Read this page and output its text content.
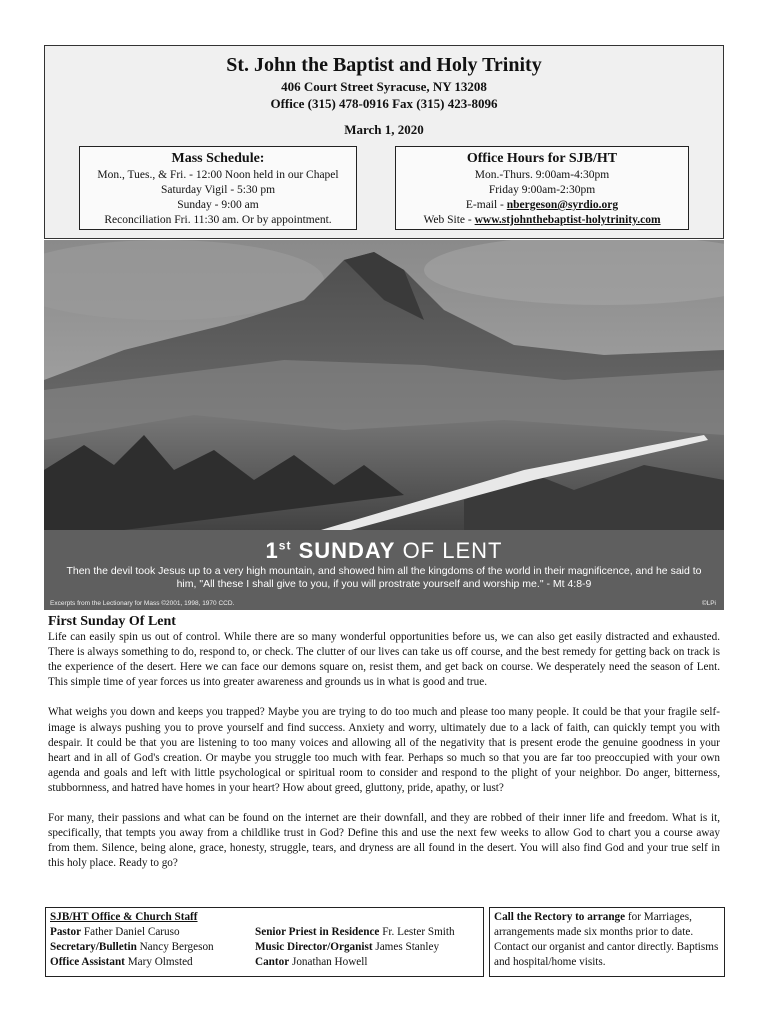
St. John the Baptist and Holy Trinity
406 Court Street Syracuse, NY 13208
Office (315) 478-0916 Fax (315) 423-8096
March 1, 2020
Mass Schedule:
Mon., Tues., & Fri. - 12:00 Noon held in our Chapel
Saturday Vigil - 5:30 pm
Sunday - 9:00 am
Reconciliation Fri. 11:30 am. Or by appointment.
Office Hours for SJB/HT
Mon.-Thurs. 9:00am-4:30pm
Friday 9:00am-2:30pm
E-mail - nbergeson@syrdio.org
Web Site - www.stjohnthebaptist-holytrinity.com
1st SUNDAY OF LENT
Then the devil took Jesus up to a very high mountain, and showed him all the kingdoms of the world in their magnificence, and he said to him, "All these I shall give to you, if you will prostrate yourself and worship me." - Mt 4:8-9
Excerpts from the Lectionary for Mass ©2001, 1998, 1970 CCD.	©LPi
First Sunday Of Lent

Life can easily spin us out of control. While there are so many wonderful opportunities before us, we can also get easily distracted and exhausted. There is always something to do, respond to, or check. The clutter of our lives can take us off course, and the best remedy for getting back on track is the experience of the desert. Here we can face our demons square on, resist them, and get back on course. We desperately need the season of Lent. This simple time of year forces us into greater awareness and grounds us in what is good and true.

What weighs you down and keeps you trapped? Maybe you are trying to do too much and please too many people. It could be that your fragile self-image is always pushing you to prove yourself and find success. Anxiety and worry, ultimately due to a lack of faith, can quickly tempt you with despair. It could be that you are listening to too many voices and allowing all of the negativity that is present erode the genuine goodness in your heart and in all of God's creation. Or maybe you struggle too much with fear. Perhaps so much so that you are far too preoccupied with your own agenda and goals and left with little psychological or spiritual room to consider and respond to the plight of your neighbor. Do anger, bitterness, stubbornness, and hatred have homes in your heart? How about greed, gluttony, pride, apathy, or lust?

For many, their passions and what can be found on the internet are their downfall, and they are robbed of their inner life and freedom. What is it, specifically, that tempts you away from a childlike trust in God? Define this and use the next few weeks to allow God to chart you a course away from them. Silence, being alone, grace, honesty, struggle, tears, and dryness are all found in the desert. You will also find God and your true self in this holy place. Ready to go?

SJB/HT Office & Church Staff
Pastor Father Daniel Caruso
Secretary/Bulletin Nancy Bergeson
Office Assistant Mary Olmsted
Senior Priest in Residence Fr. Lester Smith
Music Director/Organist James Stanley
Cantor Jonathan Howell
Call the Rectory to arrange for Marriages, arrangements made six months prior to date. Contact our organist and cantor directly. Baptisms and hospital/home visits.
